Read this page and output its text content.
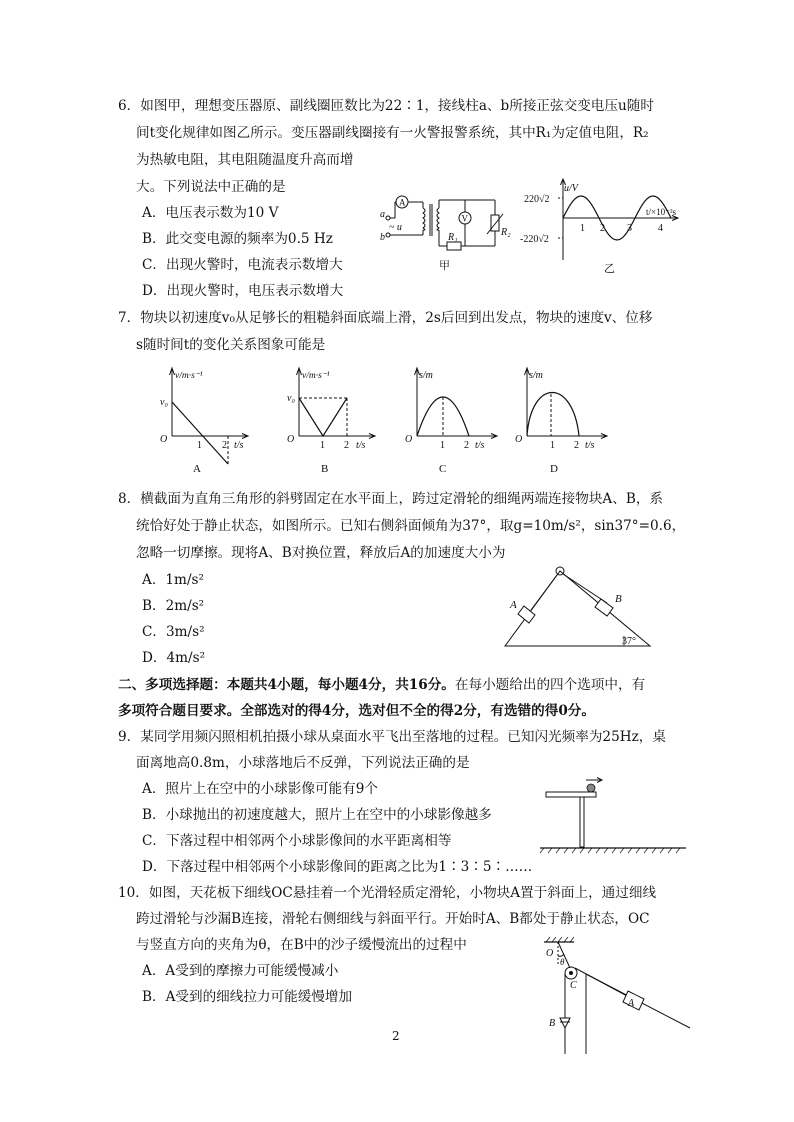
6．如图甲，理想变压器原、副线圈匝数比为22∶1，接线柱a、b所接正弦交变电压u随时
间t变化规律如图乙所示。变压器副线圈接有一火警报警系统，其中R₁为定值电阻，R₂
为热敏电阻，其电阻随温度升高而增
大。下列说法中正确的是
A．电压表示数为10 V
B．此交变电源的频率为0.5 Hz
C．出现火警时，电流表示数增大
D．出现火警时，电压表示数增大
a
b
~ u
A
V
R₁	R₂
甲
u/V
t/×10⁻²s
220√2
-220√2
1 2 3	4
乙
7．物块以初速度v₀从足够长的粗糙斜面底端上滑，2s后回到出发点，物块的速度v、位移
s随时间t的变化关系图象可能是
v/m·s⁻¹
v₀
O
1 2 t/s
A
v/m·s⁻¹
v₀
O
1 2 t/s
B
s/m
O
1 2 t/s
C
s/m
O
1 2 t/s
D
8．横截面为直角三角形的斜劈固定在水平面上，跨过定滑轮的细绳两端连接物块A、B，系
统恰好处于静止状态，如图所示。已知右侧斜面倾角为37°，取g=10m/s²，sin37°=0.6，
忽略一切摩擦。现将A、B对换位置，释放后A的加速度大小为
A．1m/s²
B．2m/s²
C．3m/s²
D．4m/s²
A	B
37°
二、多项选择题：本题共4小题，每小题4分，共16分。在每小题给出的四个选项中，有
多项符合题目要求。全部选对的得4分，选对但不全的得2分，有选错的得0分。
9．某同学用频闪照相机拍摄小球从桌面水平飞出至落地的过程。已知闪光频率为25Hz，桌
面离地高0.8m，小球落地后不反弹，下列说法正确的是
A．照片上在空中的小球影像可能有9个
B．小球抛出的初速度越大，照片上在空中的小球影像越多
C．下落过程中相邻两个小球影像间的水平距离相等
D．下落过程中相邻两个小球影像间的距离之比为1∶3∶5∶……
10．如图，天花板下细线OC悬挂着一个光滑轻质定滑轮，小物块A置于斜面上，通过细线
跨过滑轮与沙漏B连接，滑轮右侧细线与斜面平行。开始时A、B都处于静止状态，OC
与竖直方向的夹角为θ，在B中的沙子缓慢流出的过程中
A．A受到的摩擦力可能缓慢减小
B．A受到的细线拉力可能缓慢增加
O
θ
C
B
A
2
